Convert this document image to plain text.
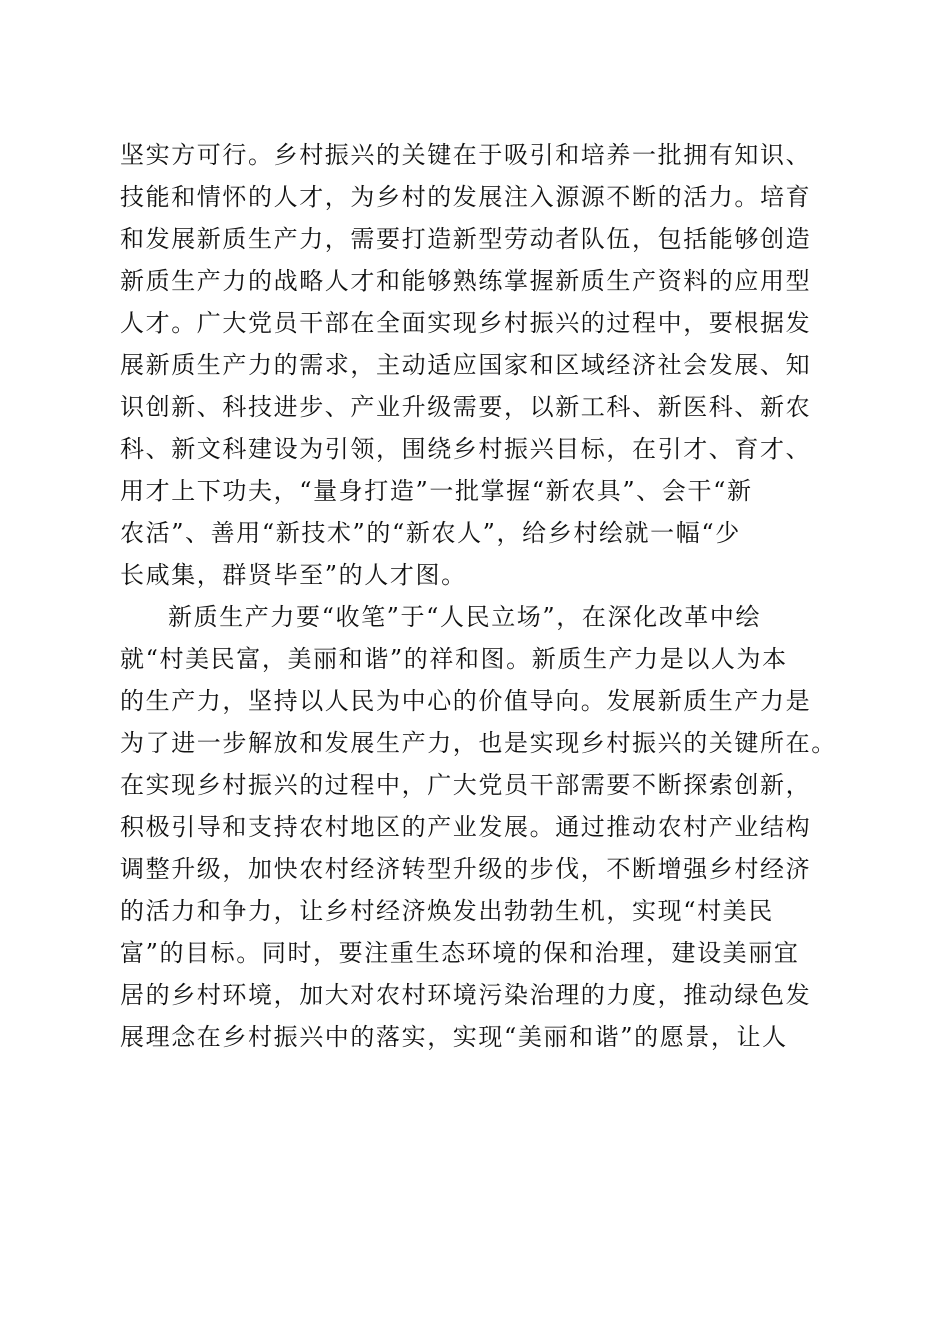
坚实方可行。乡村振兴的关键在于吸引和培养一批拥有知识、
技能和情怀的人才，为乡村的发展注入源源不断的活力。培育
和发展新质生产力，需要打造新型劳动者队伍，包括能够创造
新质生产力的战略人才和能够熟练掌握新质生产资料的应用型
人才。广大党员干部在全面实现乡村振兴的过程中，要根据发
展新质生产力的需求，主动适应国家和区域经济社会发展、知
识创新、科技进步、产业升级需要，以新工科、新医科、新农
科、新文科建设为引领，围绕乡村振兴目标，在引才、育才、
用才上下功夫，“量身打造”一批掌握“新农具”、会干“新
农活”、善用“新技术”的“新农人”，给乡村绘就一幅“少
长咸集，群贤毕至”的人才图。
新质生产力要“收笔”于“人民立场”，在深化改革中绘
就“村美民富，美丽和谐”的祥和图。新质生产力是以人为本
的生产力，坚持以人民为中心的价值导向。发展新质生产力是
为了进一步解放和发展生产力，也是实现乡村振兴的关键所在。
在实现乡村振兴的过程中，广大党员干部需要不断探索创新，
积极引导和支持农村地区的产业发展。通过推动农村产业结构
调整升级，加快农村经济转型升级的步伐，不断增强乡村经济
的活力和争力，让乡村经济焕发出勃勃生机，实现“村美民
富”的目标。同时，要注重生态环境的保和治理，建设美丽宜
居的乡村环境，加大对农村环境污染治理的力度，推动绿色发
展理念在乡村振兴中的落实，实现“美丽和谐”的愿景，让人
